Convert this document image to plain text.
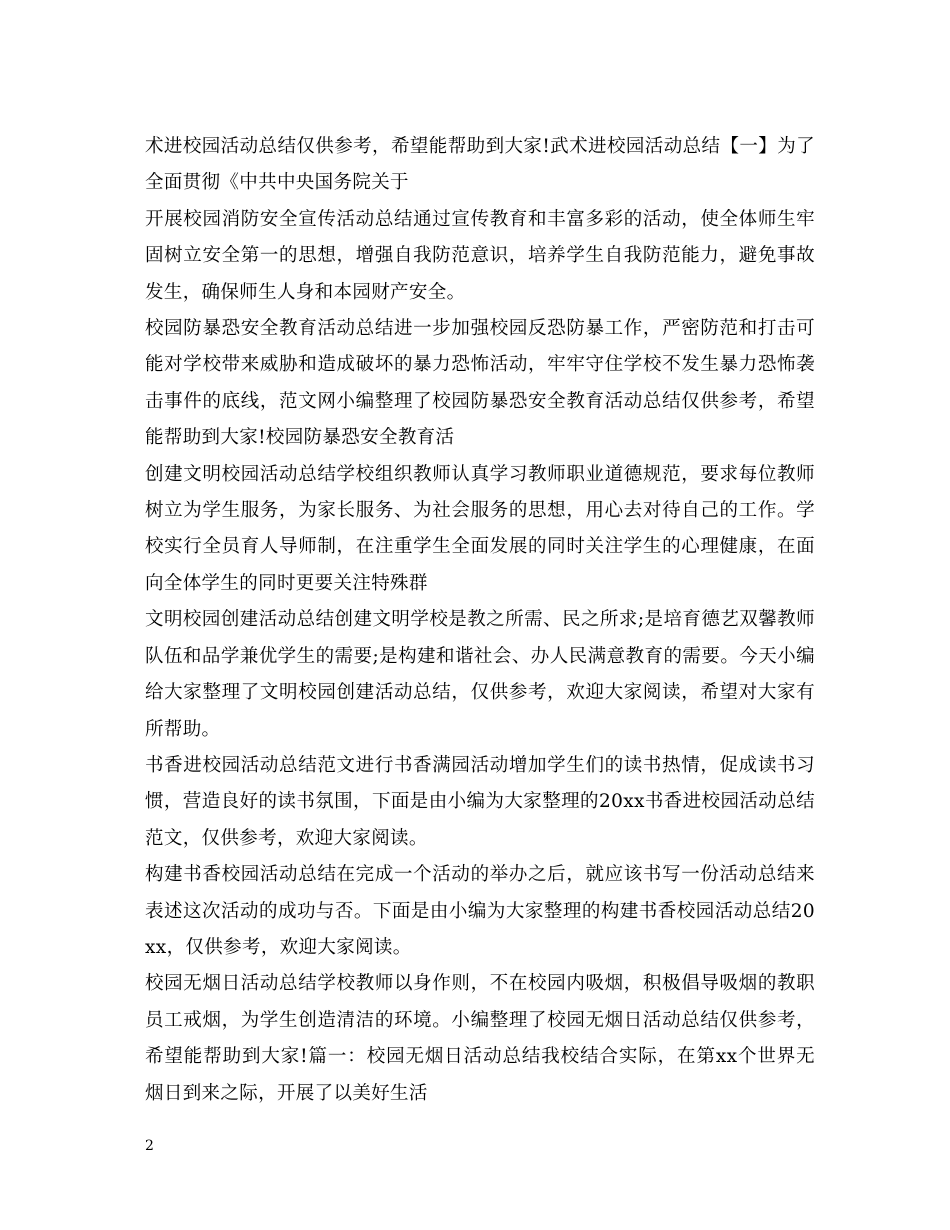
术进校园活动总结仅供参考，希望能帮助到大家!武术进校园活动总结【一】为了全面贯彻《中共中央国务院关于

开展校园消防安全宣传活动总结通过宣传教育和丰富多彩的活动，使全体师生牢固树立安全第一的思想，增强自我防范意识，培养学生自我防范能力，避免事故发生，确保师生人身和本园财产安全。

校园防暴恐安全教育活动总结进一步加强校园反恐防暴工作，严密防范和打击可能对学校带来威胁和造成破坏的暴力恐怖活动，牢牢守住学校不发生暴力恐怖袭击事件的底线，范文网小编整理了校园防暴恐安全教育活动总结仅供参考，希望能帮助到大家!校园防暴恐安全教育活

创建文明校园活动总结学校组织教师认真学习教师职业道德规范，要求每位教师树立为学生服务，为家长服务、为社会服务的思想，用心去对待自己的工作。学校实行全员育人导师制，在注重学生全面发展的同时关注学生的心理健康，在面向全体学生的同时更要关注特殊群

文明校园创建活动总结创建文明学校是教之所需、民之所求;是培育德艺双馨教师队伍和品学兼优学生的需要;是构建和谐社会、办人民满意教育的需要。今天小编给大家整理了文明校园创建活动总结，仅供参考，欢迎大家阅读，希望对大家有所帮助。

书香进校园活动总结范文进行书香满园活动增加学生们的读书热情，促成读书习惯，营造良好的读书氛围，下面是由小编为大家整理的20xx书香进校园活动总结范文，仅供参考，欢迎大家阅读。

构建书香校园活动总结在完成一个活动的举办之后，就应该书写一份活动总结来表述这次活动的成功与否。下面是由小编为大家整理的构建书香校园活动总结20xx，仅供参考，欢迎大家阅读。

校园无烟日活动总结学校教师以身作则，不在校园内吸烟，积极倡导吸烟的教职员工戒烟，为学生创造清洁的环境。小编整理了校园无烟日活动总结仅供参考，希望能帮助到大家!篇一：校园无烟日活动总结我校结合实际，在第xx个世界无烟日到来之际，开展了以美好生活

2
